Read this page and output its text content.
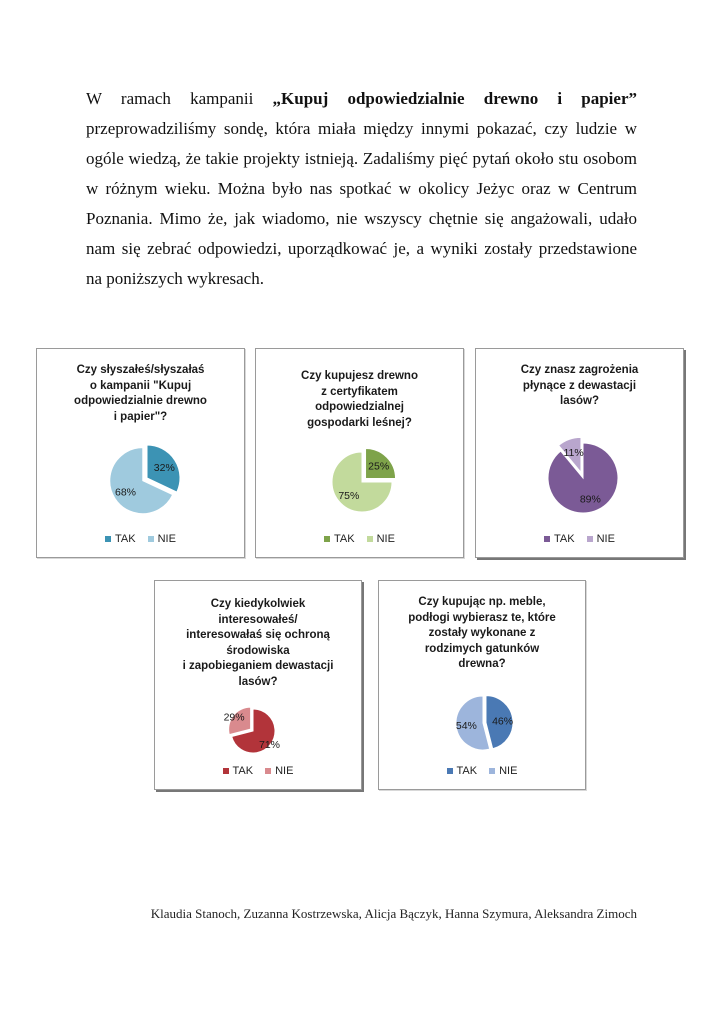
W ramach kampanii „Kupuj odpowiedzialnie drewno i papier” przeprowadziliśmy sondę, która miała między innymi pokazać, czy ludzie w ogóle wiedzą, że takie projekty istnieją. Zadaliśmy pięć pytań około stu osobom w różnym wieku. Można było nas spotkać w okolicy Jeżyc oraz w Centrum Poznania. Mimo że, jak wiadomo, nie wszyscy chętnie się angażowali, udało nam się zebrać odpowiedzi, uporządkować je, a wyniki zostały przedstawione na poniższych wykresach.
Czy słyszałeś/słyszałaś
o kampanii "Kupuj
odpowiedzialnie drewno
i papier"?
32%
68%
TAK NIE
Czy kupujesz drewno
z certyfikatem
odpowiedzialnej
gospodarki leśnej?
25%
75%
TAK NIE
Czy znasz zagrożenia
płynące z dewastacji
lasów?
89%
11%
TAK NIE
Czy kiedykolwiek
interesowałeś/
interesowałaś się ochroną
środowiska
i zapobieganiem dewastacji
lasów?
71%
29%
TAK NIE
Czy kupując np. meble,
podłogi wybierasz te, które
zostały wykonane z
rodzimych gatunków
drewna?
46%
54%
TAK NIE
Klaudia Stanoch, Zuzanna Kostrzewska, Alicja Bączyk, Hanna Szymura, Aleksandra Zimoch
